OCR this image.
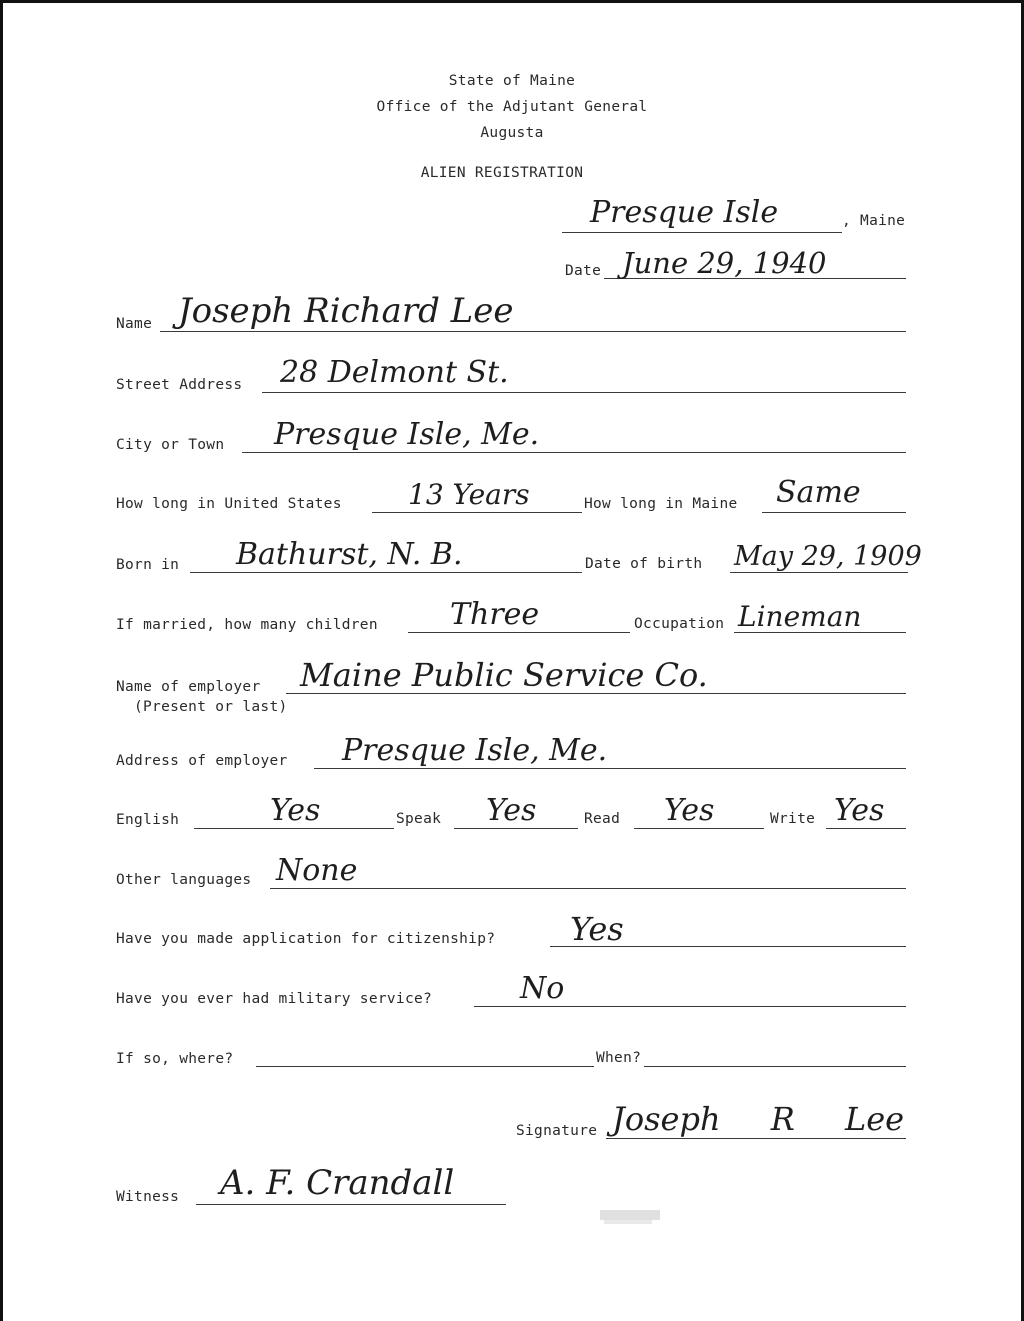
State of Maine
Office of the Adjutant General
Augusta
ALIEN REGISTRATION
Presque Isle	, Maine
Date June 29, 1940
Name Joseph Richard Lee
Street Address 28 Delmont St.
City or Town Presque Isle, Me.
How long in United States 13 Years	How long in Maine Same
Born in Bathurst, N. B.	Date of birth May 29, 1909
If married, how many children Three	Occupation Lineman
Name of employer
(Present or last)
Maine Public Service Co.
Address of employer Presque Isle, Me.
English	Yes	Speak Yes	Read Yes	Write Yes
Other languages None
Have you made application for citizenship? Yes
Have you ever had military service?	No
If so, where?	When?
Signature Joseph R Lee
Witness A. F. Crandall
